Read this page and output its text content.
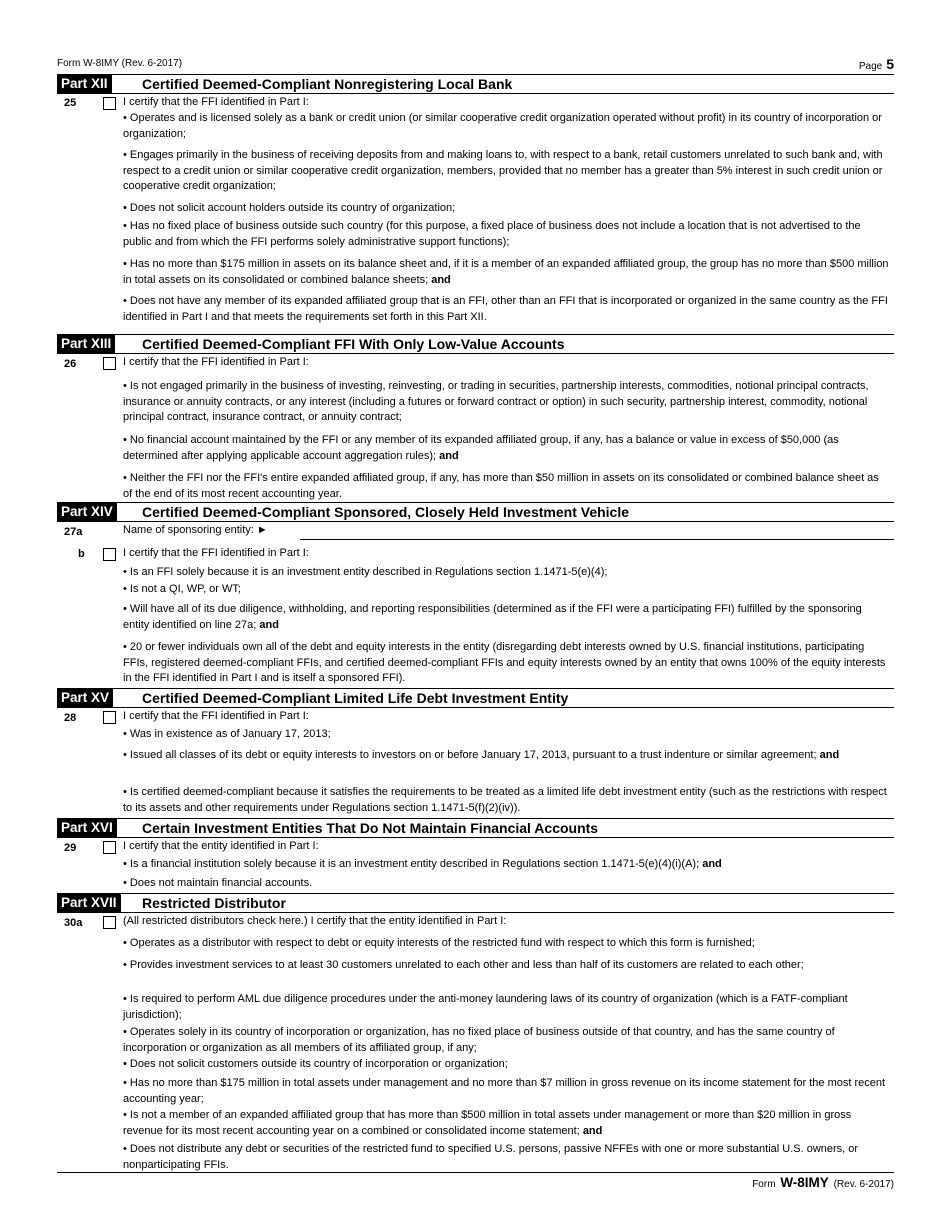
Form W-8IMY (Rev. 6-2017)	Page 5
Part XII Certified Deemed-Compliant Nonregistering Local Bank
25	I certify that the FFI identified in Part I:
• Operates and is licensed solely as a bank or credit union (or similar cooperative credit organization operated without profit) in its country of incorporation or organization;
• Engages primarily in the business of receiving deposits from and making loans to, with respect to a bank, retail customers unrelated to such bank and, with respect to a credit union or similar cooperative credit organization, members, provided that no member has a greater than 5% interest in such credit union or cooperative credit organization;
• Does not solicit account holders outside its country of organization;
• Has no fixed place of business outside such country (for this purpose, a fixed place of business does not include a location that is not advertised to the public and from which the FFI performs solely administrative support functions);
• Has no more than $175 million in assets on its balance sheet and, if it is a member of an expanded affiliated group, the group has no more than $500 million in total assets on its consolidated or combined balance sheets; and
• Does not have any member of its expanded affiliated group that is an FFI, other than an FFI that is incorporated or organized in the same country as the FFI identified in Part I and that meets the requirements set forth in this Part XII.
Part XIII Certified Deemed-Compliant FFI With Only Low-Value Accounts
26	I certify that the FFI identified in Part I:
• Is not engaged primarily in the business of investing, reinvesting, or trading in securities, partnership interests, commodities, notional principal contracts, insurance or annuity contracts, or any interest (including a futures or forward contract or option) in such security, partnership interest, commodity, notional principal contract, insurance contract, or annuity contract;
• No financial account maintained by the FFI or any member of its expanded affiliated group, if any, has a balance or value in excess of $50,000 (as determined after applying applicable account aggregation rules); and
• Neither the FFI nor the FFI's entire expanded affiliated group, if any, has more than $50 million in assets on its consolidated or combined balance sheet as of the end of its most recent accounting year.
Part XIV Certified Deemed-Compliant Sponsored, Closely Held Investment Vehicle
27a	Name of sponsoring entity: ►
b	I certify that the FFI identified in Part I:
• Is an FFI solely because it is an investment entity described in Regulations section 1.1471-5(e)(4);
• Is not a QI, WP, or WT;
• Will have all of its due diligence, withholding, and reporting responsibilities (determined as if the FFI were a participating FFI) fulfilled by the sponsoring entity identified on line 27a; and
• 20 or fewer individuals own all of the debt and equity interests in the entity (disregarding debt interests owned by U.S. financial institutions, participating FFIs, registered deemed-compliant FFIs, and certified deemed-compliant FFIs and equity interests owned by an entity that owns 100% of the equity interests in the FFI identified in Part I and is itself a sponsored FFI).
Part XV Certified Deemed-Compliant Limited Life Debt Investment Entity
28	I certify that the FFI identified in Part I:
• Was in existence as of January 17, 2013;
• Issued all classes of its debt or equity interests to investors on or before January 17, 2013, pursuant to a trust indenture or similar agreement; and
• Is certified deemed-compliant because it satisfies the requirements to be treated as a limited life debt investment entity (such as the restrictions with respect to its assets and other requirements under Regulations section 1.1471-5(f)(2)(iv)).
Part XVI Certain Investment Entities That Do Not Maintain Financial Accounts
29	I certify that the entity identified in Part I:
• Is a financial institution solely because it is an investment entity described in Regulations section 1.1471-5(e)(4)(i)(A); and
• Does not maintain financial accounts.
Part XVII Restricted Distributor
30a	(All restricted distributors check here.) I certify that the entity identified in Part I:
• Operates as a distributor with respect to debt or equity interests of the restricted fund with respect to which this form is furnished;
• Provides investment services to at least 30 customers unrelated to each other and less than half of its customers are related to each other;
• Is required to perform AML due diligence procedures under the anti-money laundering laws of its country of organization (which is a FATF-compliant jurisdiction);
• Operates solely in its country of incorporation or organization, has no fixed place of business outside of that country, and has the same country of incorporation or organization as all members of its affiliated group, if any;
• Does not solicit customers outside its country of incorporation or organization;
• Has no more than $175 million in total assets under management and no more than $7 million in gross revenue on its income statement for the most recent accounting year;
• Is not a member of an expanded affiliated group that has more than $500 million in total assets under management or more than $20 million in gross revenue for its most recent accounting year on a combined or consolidated income statement; and
• Does not distribute any debt or securities of the restricted fund to specified U.S. persons, passive NFFEs with one or more substantial U.S. owners, or nonparticipating FFIs.
Form W-8IMY (Rev. 6-2017)
